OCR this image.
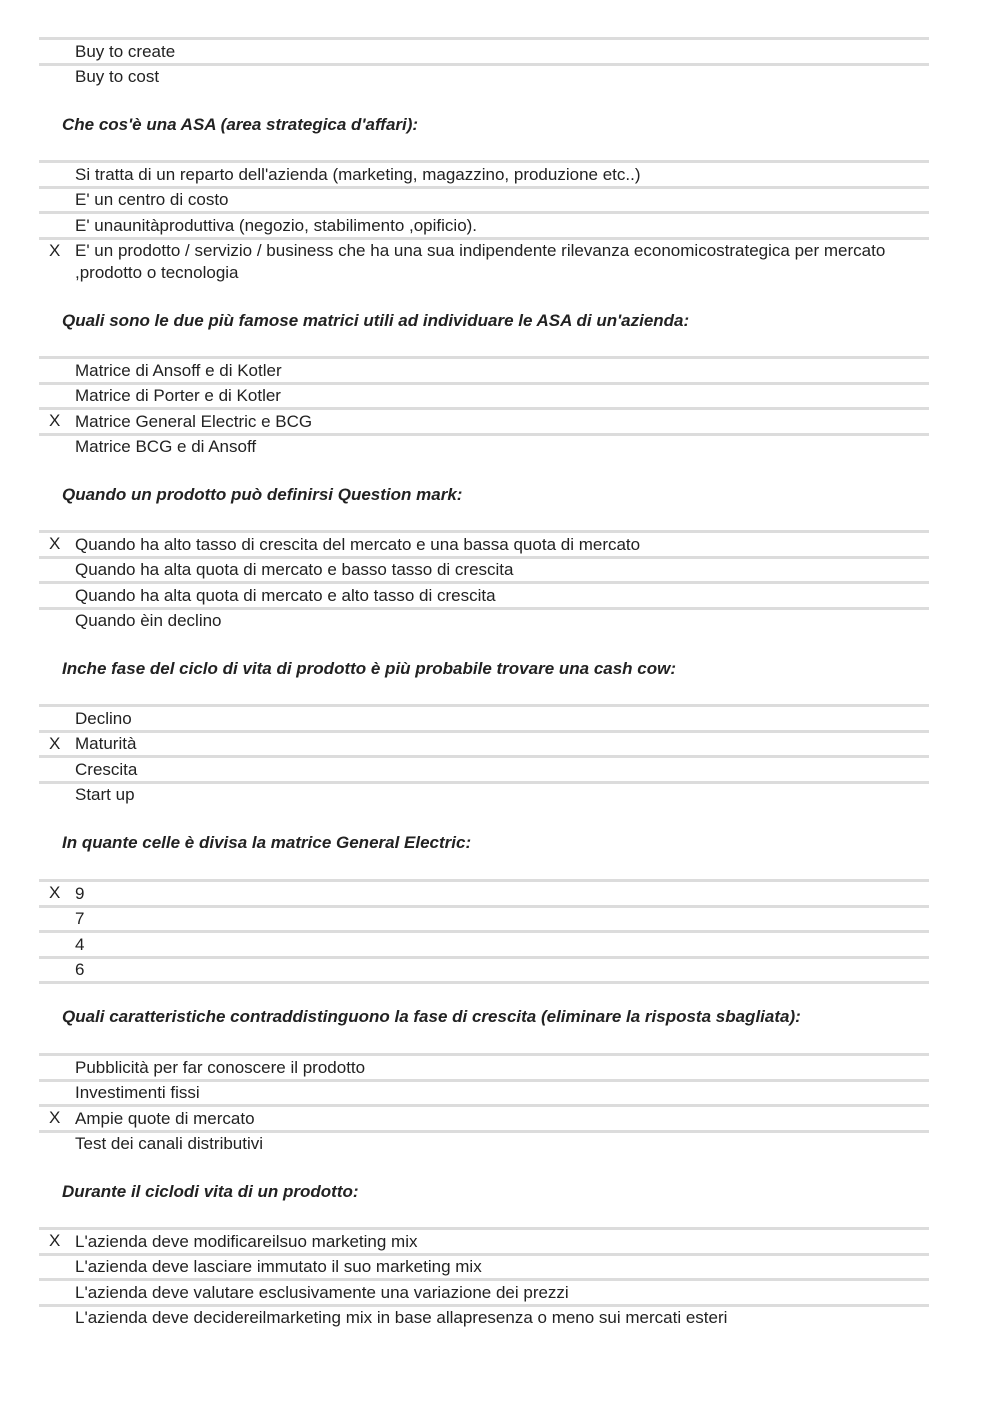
Buy to create
Buy to cost
Che cos'è una ASA (area strategica d'affari):
Si tratta di un reparto dell'azienda (marketing, magazzino, produzione etc..)
E' un centro di costo
E' unaunitàproduttiva (negozio, stabilimento ,opificio).
X E' un prodotto / servizio / business che ha una sua indipendente rilevanza economicostrategica per mercato ,prodotto o tecnologia
Quali sono le due più famose matrici utili ad individuare le ASA di un'azienda:
Matrice di Ansoff e di Kotler
Matrice di Porter e di Kotler
X Matrice General Electric e BCG
Matrice BCG e di Ansoff
Quando un prodotto può definirsi Question mark:
X Quando ha alto tasso di crescita del mercato e una bassa quota di mercato
Quando ha alta quota di mercato e basso tasso di crescita
Quando ha alta quota di mercato e alto tasso di crescita
Quando èin declino
Inche fase del ciclo di vita di prodotto è più probabile trovare una cash cow:
Declino
X Maturità
Crescita
Start up
In quante celle è divisa la matrice General Electric:
X 9
7
4
6
Quali caratteristiche contraddistinguono la fase di crescita (eliminare la risposta sbagliata):
Pubblicità per far conoscere il prodotto
Investimenti fissi
X Ampie quote di mercato
Test dei canali distributivi
Durante il ciclodi vita di un prodotto:
X L'azienda deve modificareilsuo marketing mix
L'azienda deve lasciare immutato il suo marketing mix
L'azienda deve valutare esclusivamente una variazione dei prezzi
L'azienda deve decidereilmarketing mix in base allapresenza o meno sui mercati esteri
